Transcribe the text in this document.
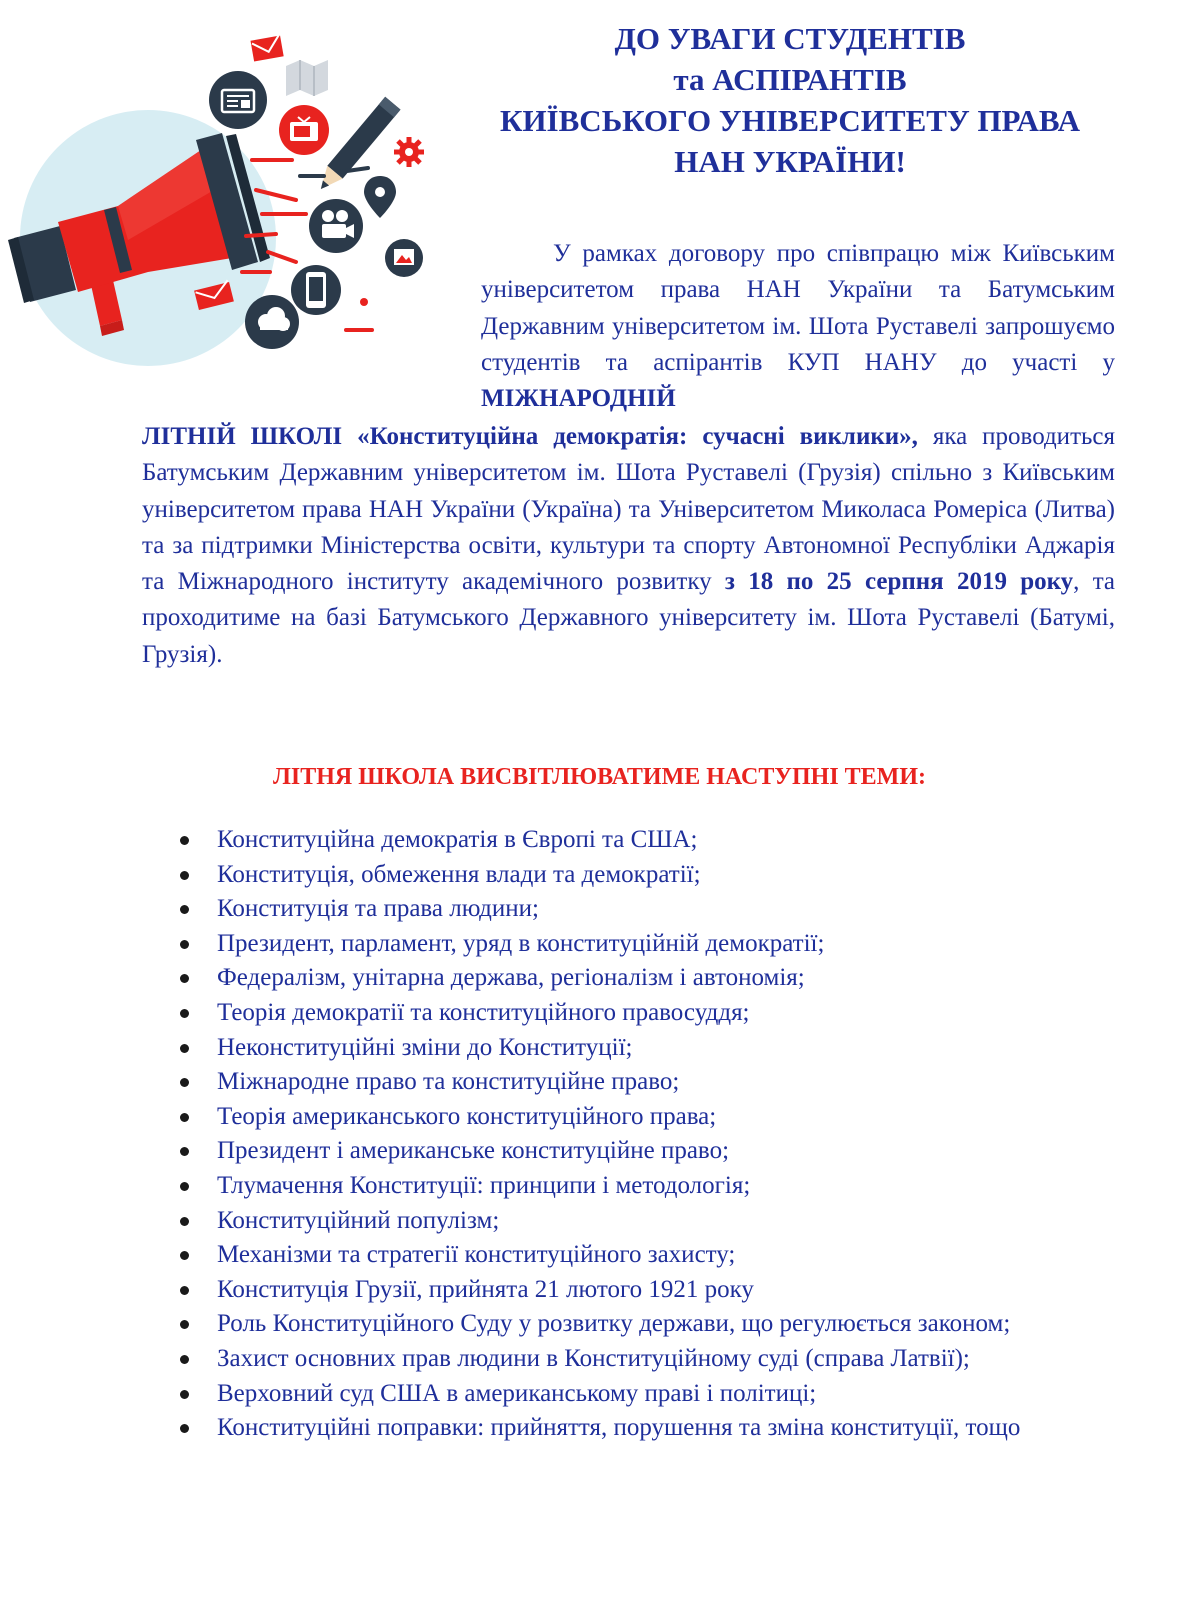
ДО УВАГИ СТУДЕНТІВ
та АСПІРАНТІВ
КИЇВСЬКОГО УНІВЕРСИТЕТУ ПРАВА
НАН УКРАЇНИ!
У рамках договору про співпрацю між Київським університетом права НАН України та Батумським Державним університетом ім. Шота Руставелі запрошуємо студентів та аспірантів КУП НАНУ до участі у МІЖНАРОДНІЙ
ЛІТНІЙ ШКОЛІ «Конституційна демократія: сучасні виклики», яка проводиться Батумським Державним університетом ім. Шота Руставелі (Грузія) спільно з Київським університетом права НАН України (Україна) та Університетом Миколаса Ромеріса (Литва) та за підтримки Міністерства освіти, культури та спорту Автономної Республіки Аджарія та Міжнародного інституту академічного розвитку з 18 по 25 серпня 2019 року, та проходитиме на базі Батумського Державного університету ім. Шота Руставелі (Батумі, Грузія).
ЛІТНЯ ШКОЛА ВИСВІТЛЮВАТИМЕ НАСТУПНІ ТЕМИ:
Конституційна демократія в Європі та США;
Конституція, обмеження влади та демократії;
Конституція та права людини;
Президент, парламент, уряд в конституційній демократії;
Федералізм, унітарна держава, регіоналізм і автономія;
Теорія демократії та конституційного правосуддя;
Неконституційні зміни до Конституції;
Міжнародне право та конституційне право;
Теорія американського конституційного права;
Президент і американське конституційне право;
Тлумачення Конституції: принципи і методологія;
Конституційний популізм;
Механізми та стратегії конституційного захисту;
Конституція Грузії, прийнята 21 лютого 1921 року
Роль Конституційного Суду у розвитку держави, що регулюється законом;
Захист основних прав людини в Конституційному суді (справа Латвії);
Верховний суд США в американському праві і політиці;
Конституційні поправки: прийняття, порушення та зміна конституції, тощо
